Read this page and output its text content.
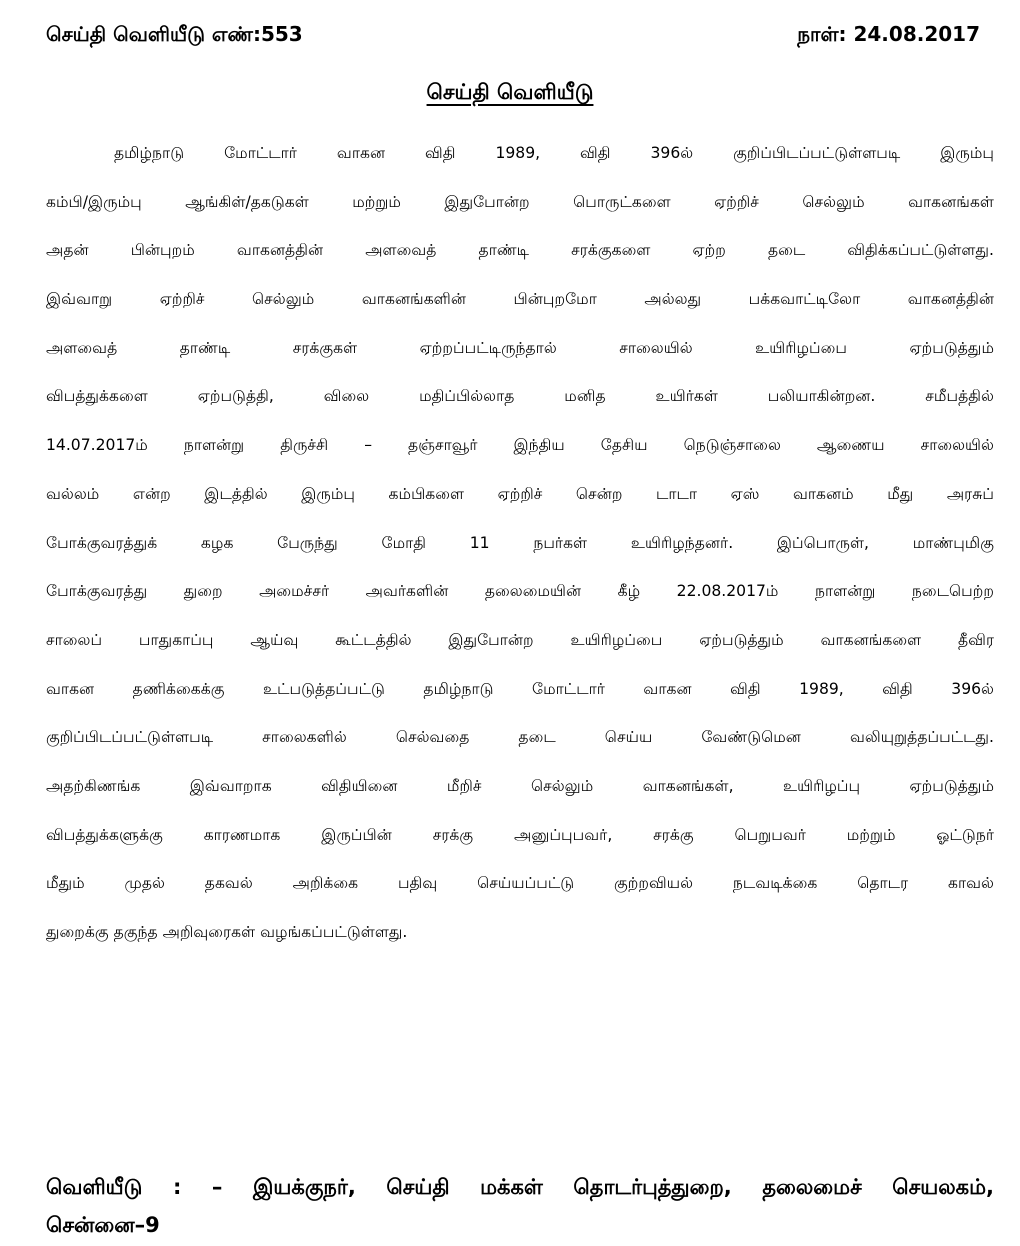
செய்தி வெளியீடு எண்:553	நாள்: 24.08.2017
செய்தி வெளியீடு
தமிழ்நாடு மோட்டார் வாகன விதி 1989, விதி 396ல் குறிப்பிடப்பட்டுள்ளபடி இரும்பு
கம்பி/இரும்பு ஆங்கிள்/தகடுகள் மற்றும் இதுபோன்ற பொருட்களை ஏற்றிச் செல்லும் வாகனங்கள்
அதன் பின்புறம் வாகனத்தின் அளவைத் தாண்டி சரக்குகளை ஏற்ற தடை விதிக்கப்பட்டுள்ளது.
இவ்வாறு ஏற்றிச் செல்லும் வாகனங்களின் பின்புறமோ அல்லது பக்கவாட்டிலோ வாகனத்தின்
அளவைத் தாண்டி சரக்குகள் ஏற்றப்பட்டிருந்தால் சாலையில் உயிரிழப்பை ஏற்படுத்தும்
விபத்துக்களை ஏற்படுத்தி, விலை மதிப்பில்லாத மனித உயிர்கள் பலியாகின்றன. சமீபத்தில்
14.07.2017ம் நாளன்று திருச்சி – தஞ்சாவூர் இந்திய தேசிய நெடுஞ்சாலை ஆணைய சாலையில்
வல்லம் என்ற இடத்தில் இரும்பு கம்பிகளை ஏற்றிச் சென்ற டாடா ஏஸ் வாகனம் மீது அரசுப்
போக்குவரத்துக் கழக பேருந்து மோதி 11 நபர்கள் உயிரிழந்தனர். இப்பொருள், மாண்புமிகு
போக்குவரத்து துறை அமைச்சர் அவர்களின் தலைமையின் கீழ் 22.08.2017ம் நாளன்று நடைபெற்ற
சாலைப் பாதுகாப்பு ஆய்வு கூட்டத்தில் இதுபோன்ற உயிரிழப்பை ஏற்படுத்தும் வாகனங்களை தீவிர
வாகன தணிக்கைக்கு உட்படுத்தப்பட்டு தமிழ்நாடு மோட்டார் வாகன விதி 1989, விதி 396ல்
குறிப்பிடப்பட்டுள்ளபடி சாலைகளில் செல்வதை தடை செய்ய வேண்டுமென வலியுறுத்தப்பட்டது.
அதற்கிணங்க இவ்வாறாக விதியினை மீறிச் செல்லும் வாகனங்கள், உயிரிழப்பு ஏற்படுத்தும்
விபத்துக்களுக்கு காரணமாக இருப்பின் சரக்கு அனுப்புபவர், சரக்கு பெறுபவர் மற்றும் ஓட்டுநர்
மீதும் முதல் தகவல் அறிக்கை பதிவு செய்யப்பட்டு குற்றவியல் நடவடிக்கை தொடர காவல்
துறைக்கு தகுந்த அறிவுரைகள் வழங்கப்பட்டுள்ளது.
வெளியீடு : – இயக்குநர், செய்தி மக்கள் தொடர்புத்துறை, தலைமைச் செயலகம்,
சென்னை–9
